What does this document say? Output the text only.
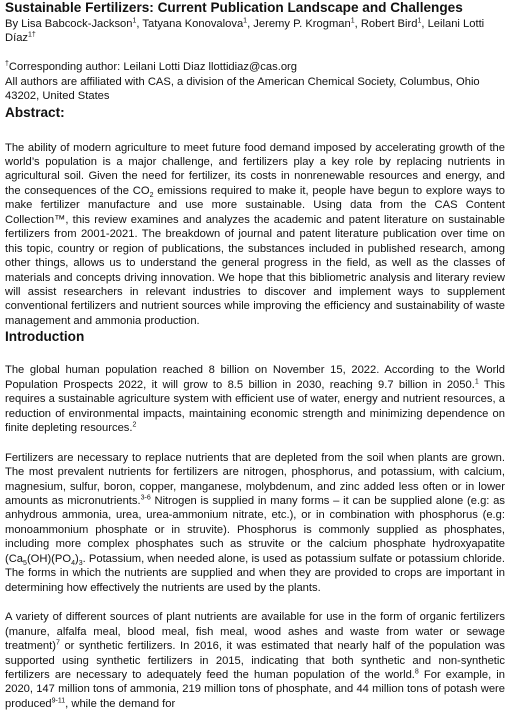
Sustainable Fertilizers: Current Publication Landscape and Challenges

By Lisa Babcock-Jackson$^1$, Tatyana Konovalova$^1$, Jeremy P. Krogman$^1$, Robert Bird$^1$, Leilani Lotti Díaz$^{1\dagger}$

†Corresponding author: Leilani Lotti Diaz llottidiaz@cas.org

All authors are affiliated with CAS, a division of the American Chemical Society, Columbus, Ohio 43202, United States

Abstract:

The ability of modern agriculture to meet future food demand imposed by accelerating growth of the world’s population is a major challenge, and fertilizers play a key role by replacing nutrients in agricultural soil. Given the need for fertilizer, its costs in nonrenewable resources and energy, and the consequences of the $CO_2$ emissions required to make it, people have begun to explore ways to make fertilizer manufacture and use more sustainable. Using data from the CAS Content Collection™, this review examines and analyzes the academic and patent literature on sustainable fertilizers from 2001-2021. The breakdown of journal and patent literature publication over time on this topic, country or region of publications, the substances included in published research, among other things, allows us to understand the general progress in the field, as well as the classes of materials and concepts driving innovation. We hope that this bibliometric analysis and literary review will assist researchers in relevant industries to discover and implement ways to supplement conventional fertilizers and nutrient sources while improving the efficiency and sustainability of waste management and ammonia production.

Introduction

The global human population reached 8 billion on November 15, 2022. According to the World Population Prospects 2022, it will grow to 8.5 billion in 2030, reaching 9.7 billion in 2050.$^1$ This requires a sustainable agriculture system with efficient use of water, energy and nutrient resources, a reduction of environmental impacts, maintaining economic strength and minimizing dependence on finite depleting resources.$^2$

Fertilizers are necessary to replace nutrients that are depleted from the soil when plants are grown. The most prevalent nutrients for fertilizers are nitrogen, phosphorus, and potassium, with calcium, magnesium, sulfur, boron, copper, manganese, molybdenum, and zinc added less often or in lower amounts as micronutrients.$^{3-6}$ Nitrogen is supplied in many forms – it can be supplied alone (e.g: as anhydrous ammonia, urea, urea-ammonium nitrate, etc.), or in combination with phosphorus (e.g: monoammonium phosphate or in struvite). Phosphorus is commonly supplied as phosphates, including more complex phosphates such as struvite or the calcium phosphate hydroxyapatite ($Ca_5(OH)(PO_4)_3$. Potassium, when needed alone, is used as potassium sulfate or potassium chloride. The forms in which the nutrients are supplied and when they are provided to crops are important in determining how effectively the nutrients are used by the plants.

A variety of different sources of plant nutrients are available for use in the form of organic fertilizers (manure, alfalfa meal, blood meal, fish meal, wood ashes and waste from water or sewage treatment)$^7$ or synthetic fertilizers. In 2016, it was estimated that nearly half of the population was supported using synthetic fertilizers in 2015, indicating that both synthetic and non-synthetic fertilizers are necessary to adequately feed the human population of the world.$^8$ For example, in 2020, 147 million tons of ammonia, 219 million tons of phosphate, and 44 million tons of potash were produced$^{9-11}$, while the demand for
